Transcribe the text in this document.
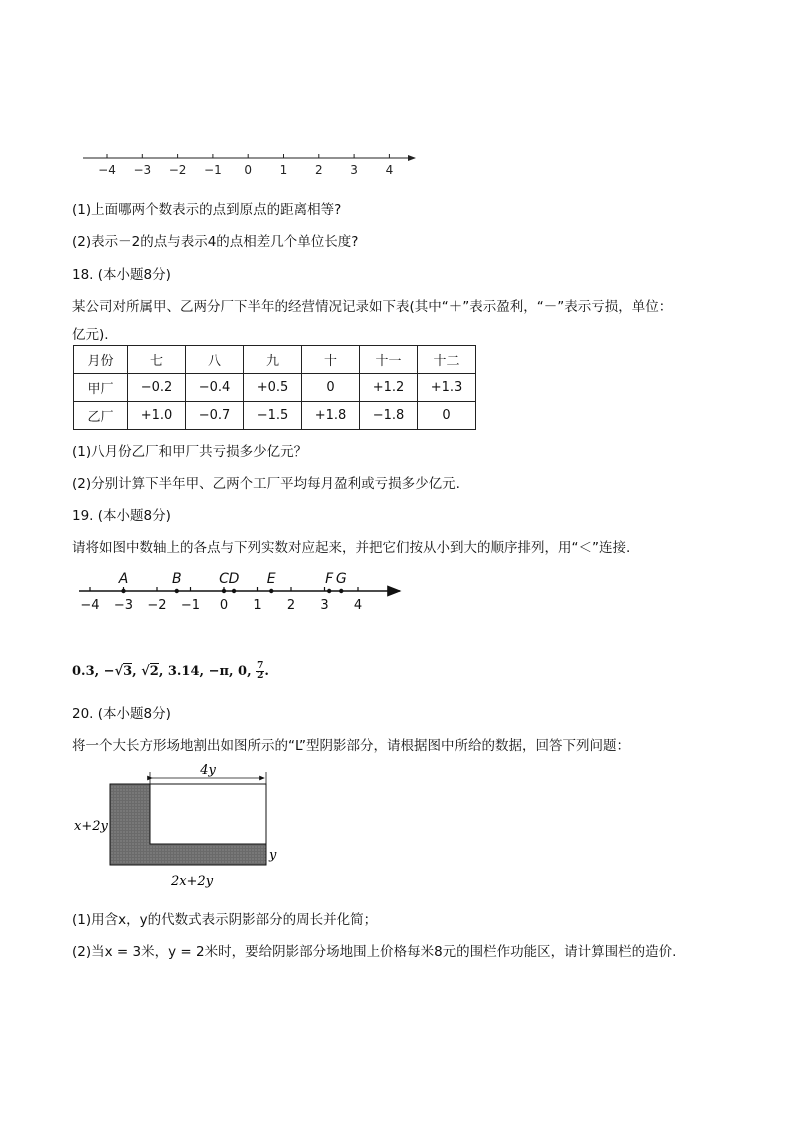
−4 −3 −2 −1 0 1 2 3 4
(1)上面哪两个数表示的点到原点的距离相等?
(2)表示－2的点与表示4的点相差几个单位长度?
18. (本小题8分)
某公司对所属甲、乙两分厂下半年的经营情况记录如下表(其中“＋”表示盈利，“－”表示亏损，单位：
亿元).
月份	七	八	九	十	十一	十二
甲厂	−0.2	−0.4	+0.5	0	+1.2	+1.3
乙厂	+1.0	−0.7	−1.5	+1.8	−1.8	0
(1)八月份乙厂和甲厂共亏损多少亿元？
(2)分别计算下半年甲、乙两个工厂平均每月盈利或亏损多少亿元.
19. (本小题8分)
请将如图中数轴上的各点与下列实数对应起来，并把它们按从小到大的顺序排列，用“＜”连接.
−4 −3 −2 −1 0 1 2 3 4
A	B	C D E	F G
0.3, −√3, √2, 3.14, −π, 0, $\frac{7}{2}$ .
20. (本小题8分)
将一个大长方形场地割出如图所示的“L”型阴影部分，请根据图中所给的数据，回答下列问题：
4y
x+2y
y
2x+2y
(1)用含x，y的代数式表示阴影部分的周长并化简；
(2)当x = 3米，y = 2米时，要给阴影部分场地围上价格每米8元的围栏作功能区，请计算围栏的造价.
